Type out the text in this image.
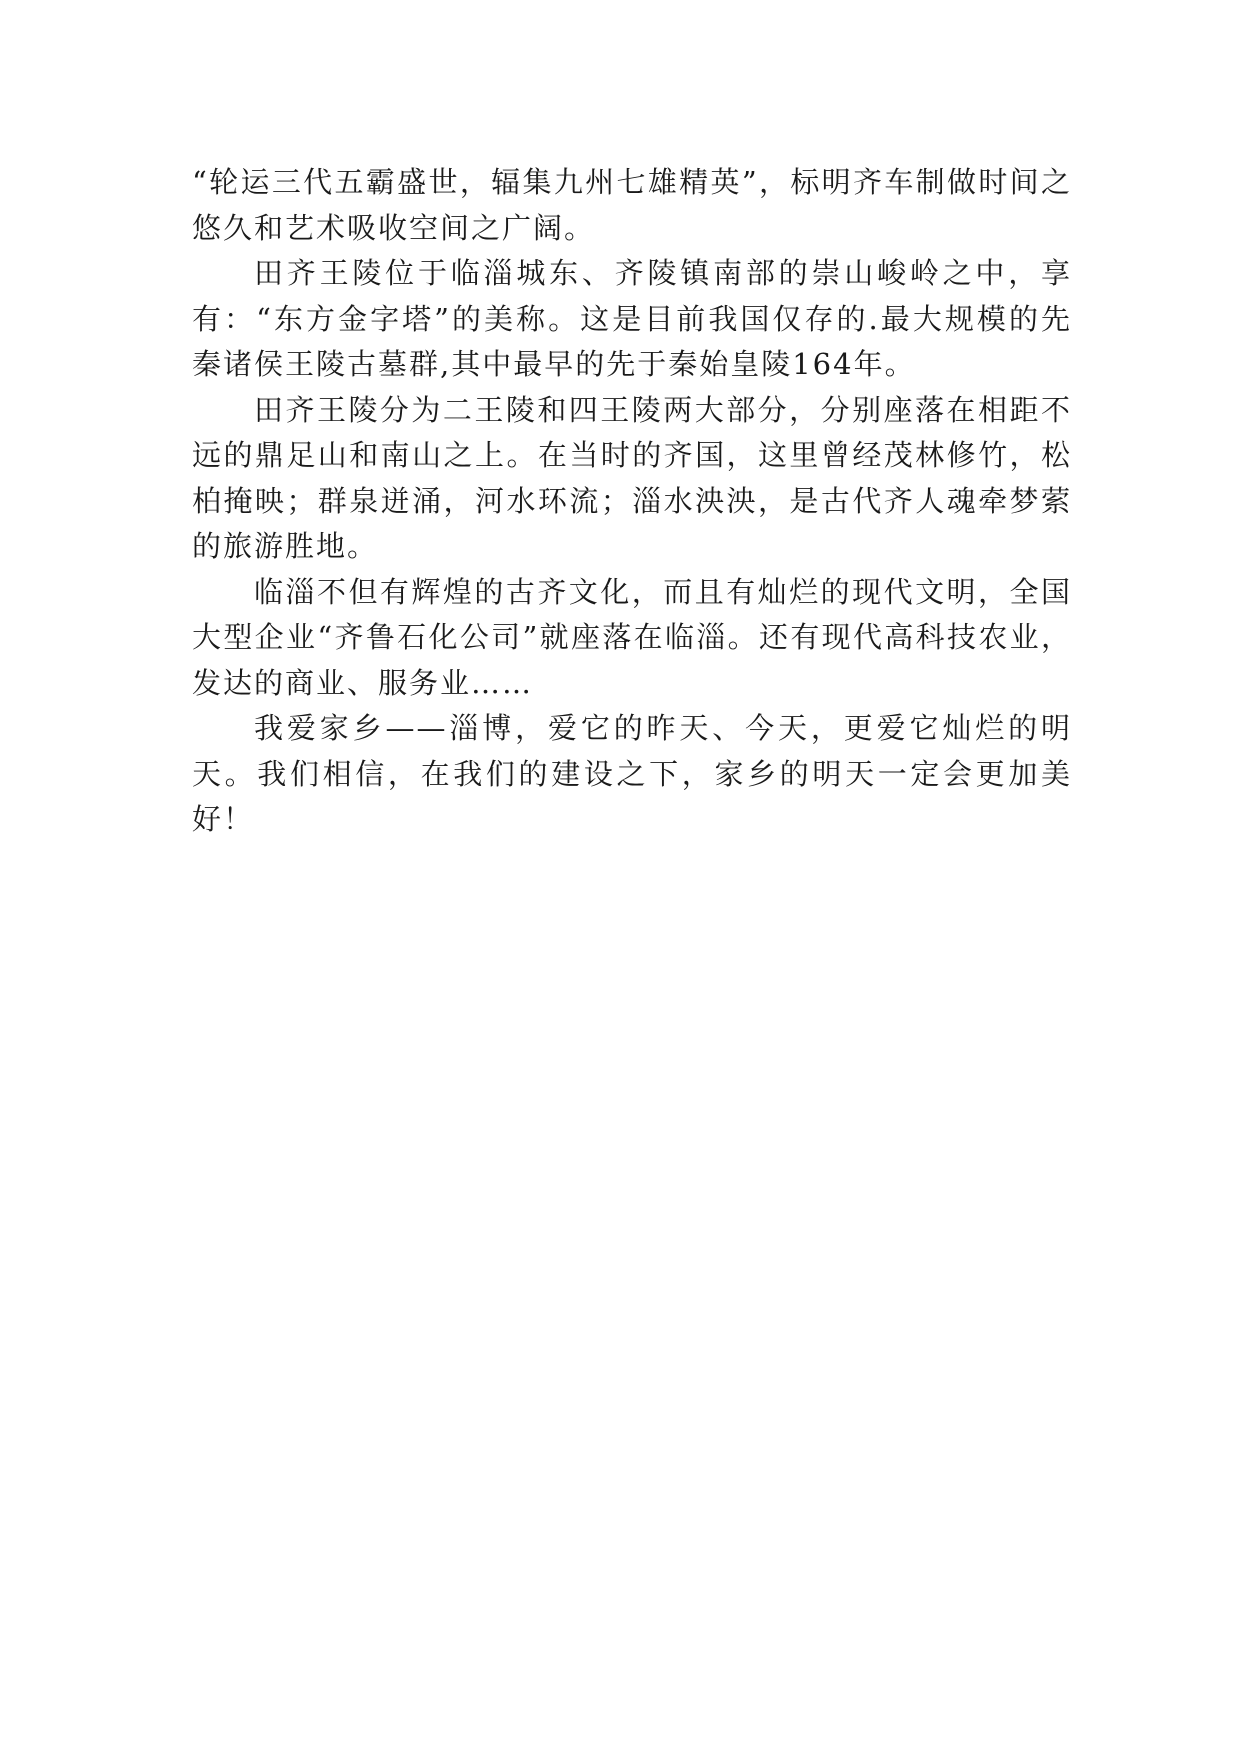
“轮运三代五霸盛世，辐集九州七雄精英”，标明齐车制做时间之悠久和艺术吸收空间之广阔。

田齐王陵位于临淄城东、齐陵镇南部的崇山峻岭之中，享有：“东方金字塔”的美称。这是目前我国仅存的.最大规模的先秦诸侯王陵古墓群,其中最早的先于秦始皇陵164年。

田齐王陵分为二王陵和四王陵两大部分，分别座落在相距不远的鼎足山和南山之上。在当时的齐国，这里曾经茂林修竹，松柏掩映；群泉迸涌，河水环流；淄水泱泱，是古代齐人魂牵梦萦的旅游胜地。

临淄不但有辉煌的古齐文化，而且有灿烂的现代文明，全国大型企业“齐鲁石化公司”就座落在临淄。还有现代高科技农业，发达的商业、服务业……

我爱家乡——淄博，爱它的昨天、今天，更爱它灿烂的明天。我们相信，在我们的建设之下，家乡的明天一定会更加美好！
